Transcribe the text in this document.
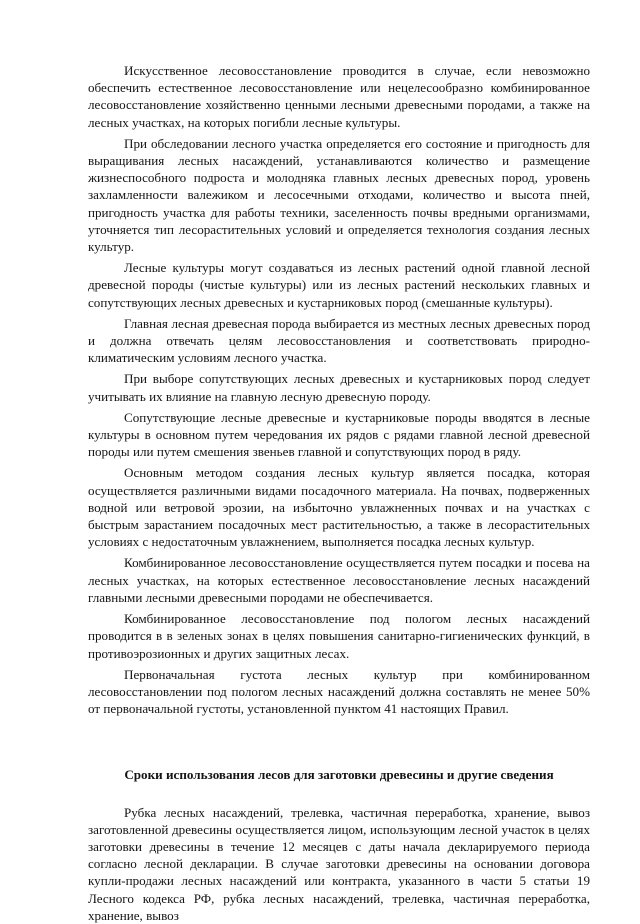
Искусственное лесовосстановление проводится в случае, если невозможно обеспечить естественное лесовосстановление или нецелесообразно комбинированное лесовосстановление хозяйственно ценными лесными древесными породами, а также на лесных участках, на которых погибли лесные культуры.

При обследовании лесного участка определяется его состояние и пригодность для выращивания лесных насаждений, устанавливаются количество и размещение жизнеспособного подроста и молодняка главных лесных древесных пород, уровень захламленности валежиком и лесосечными отходами, количество и высота пней, пригодность участка для работы техники, заселенность почвы вредными организмами, уточняется тип лесорастительных условий и определяется технология создания лесных культур.

Лесные культуры могут создаваться из лесных растений одной главной лесной древесной породы (чистые культуры) или из лесных растений нескольких главных и сопутствующих лесных древесных и кустарниковых пород (смешанные культуры).

Главная лесная древесная порода выбирается из местных лесных древесных пород и должна отвечать целям лесовосстановления и соответствовать природно-климатическим условиям лесного участка.

При выборе сопутствующих лесных древесных и кустарниковых пород следует учитывать их влияние на главную лесную древесную породу.

Сопутствующие лесные древесные и кустарниковые породы вводятся в лесные культуры в основном путем чередования их рядов с рядами главной лесной древесной породы или путем смешения звеньев главной и сопутствующих пород в ряду.

Основным методом создания лесных культур является посадка, которая осуществляется различными видами посадочного материала. На почвах, подверженных водной или ветровой эрозии, на избыточно увлажненных почвах и на участках с быстрым зарастанием посадочных мест растительностью, а также в лесорастительных условиях с недостаточным увлажнением, выполняется посадка лесных культур.

Комбинированное лесовосстановление осуществляется путем посадки и посева на лесных участках, на которых естественное лесовосстановление лесных насаждений главными лесными древесными породами не обеспечивается.

Комбинированное лесовосстановление под пологом лесных насаждений проводится в в зеленых зонах в целях повышения санитарно-гигиенических функций, в противоэрозионных и других защитных лесах.

Первоначальная густота лесных культур при комбинированном лесовосстановлении под пологом лесных насаждений должна составлять не менее 50% от первоначальной густоты, установленной пунктом 41 настоящих Правил.

Сроки использования лесов для заготовки древесины и другие сведения

Рубка лесных насаждений, трелевка, частичная переработка, хранение, вывоз заготовленной древесины осуществляется лицом, использующим лесной участок в целях заготовки древесины в течение 12 месяцев с даты начала декларируемого периода согласно лесной декларации. В случае заготовки древесины на основании договора купли-продажи лесных насаждений или контракта, указанного в части 5 статьи 19 Лесного кодекса РФ, рубка лесных насаждений, трелевка, частичная переработка, хранение, вывоз
